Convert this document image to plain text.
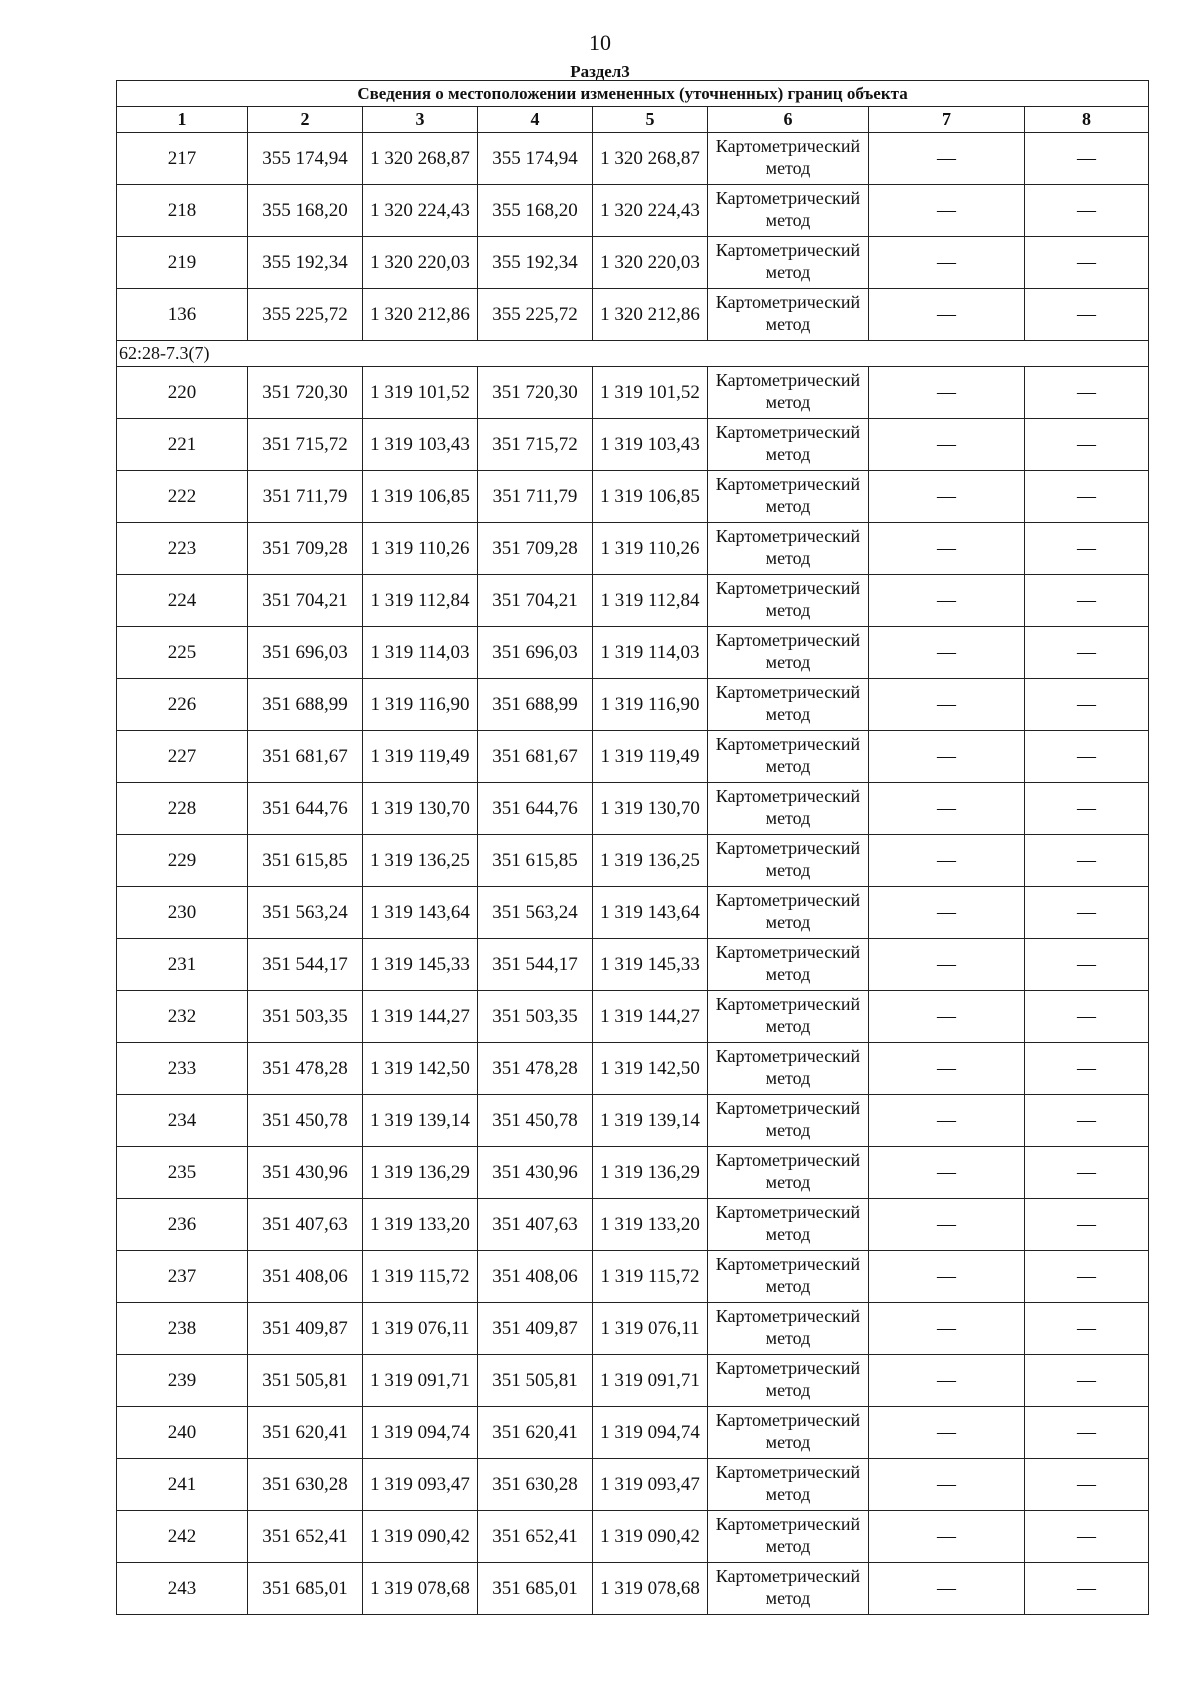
10
Раздел3
Сведения о местоположении измененных (уточненных) границ объекта							
1	2	3	4	5	6	7	8
217	355 174,94	1 320 268,87	355 174,94	1 320 268,87	Картометрический метод	—	—
218	355 168,20	1 320 224,43	355 168,20	1 320 224,43	Картометрический метод	—	—
219	355 192,34	1 320 220,03	355 192,34	1 320 220,03	Картометрический метод	—	—
136	355 225,72	1 320 212,86	355 225,72	1 320 212,86	Картометрический метод	—	—
62:28-7.3(7)							
220	351 720,30	1 319 101,52	351 720,30	1 319 101,52	Картометрический метод	—	—
221	351 715,72	1 319 103,43	351 715,72	1 319 103,43	Картометрический метод	—	—
222	351 711,79	1 319 106,85	351 711,79	1 319 106,85	Картометрический метод	—	—
223	351 709,28	1 319 110,26	351 709,28	1 319 110,26	Картометрический метод	—	—
224	351 704,21	1 319 112,84	351 704,21	1 319 112,84	Картометрический метод	—	—
225	351 696,03	1 319 114,03	351 696,03	1 319 114,03	Картометрический метод	—	—
226	351 688,99	1 319 116,90	351 688,99	1 319 116,90	Картометрический метод	—	—
227	351 681,67	1 319 119,49	351 681,67	1 319 119,49	Картометрический метод	—	—
228	351 644,76	1 319 130,70	351 644,76	1 319 130,70	Картометрический метод	—	—
229	351 615,85	1 319 136,25	351 615,85	1 319 136,25	Картометрический метод	—	—
230	351 563,24	1 319 143,64	351 563,24	1 319 143,64	Картометрический метод	—	—
231	351 544,17	1 319 145,33	351 544,17	1 319 145,33	Картометрический метод	—	—
232	351 503,35	1 319 144,27	351 503,35	1 319 144,27	Картометрический метод	—	—
233	351 478,28	1 319 142,50	351 478,28	1 319 142,50	Картометрический метод	—	—
234	351 450,78	1 319 139,14	351 450,78	1 319 139,14	Картометрический метод	—	—
235	351 430,96	1 319 136,29	351 430,96	1 319 136,29	Картометрический метод	—	—
236	351 407,63	1 319 133,20	351 407,63	1 319 133,20	Картометрический метод	—	—
237	351 408,06	1 319 115,72	351 408,06	1 319 115,72	Картометрический метод	—	—
238	351 409,87	1 319 076,11	351 409,87	1 319 076,11	Картометрический метод	—	—
239	351 505,81	1 319 091,71	351 505,81	1 319 091,71	Картометрический метод	—	—
240	351 620,41	1 319 094,74	351 620,41	1 319 094,74	Картометрический метод	—	—
241	351 630,28	1 319 093,47	351 630,28	1 319 093,47	Картометрический метод	—	—
242	351 652,41	1 319 090,42	351 652,41	1 319 090,42	Картометрический метод	—	—
243	351 685,01	1 319 078,68	351 685,01	1 319 078,68	Картометрический метод	—	—
